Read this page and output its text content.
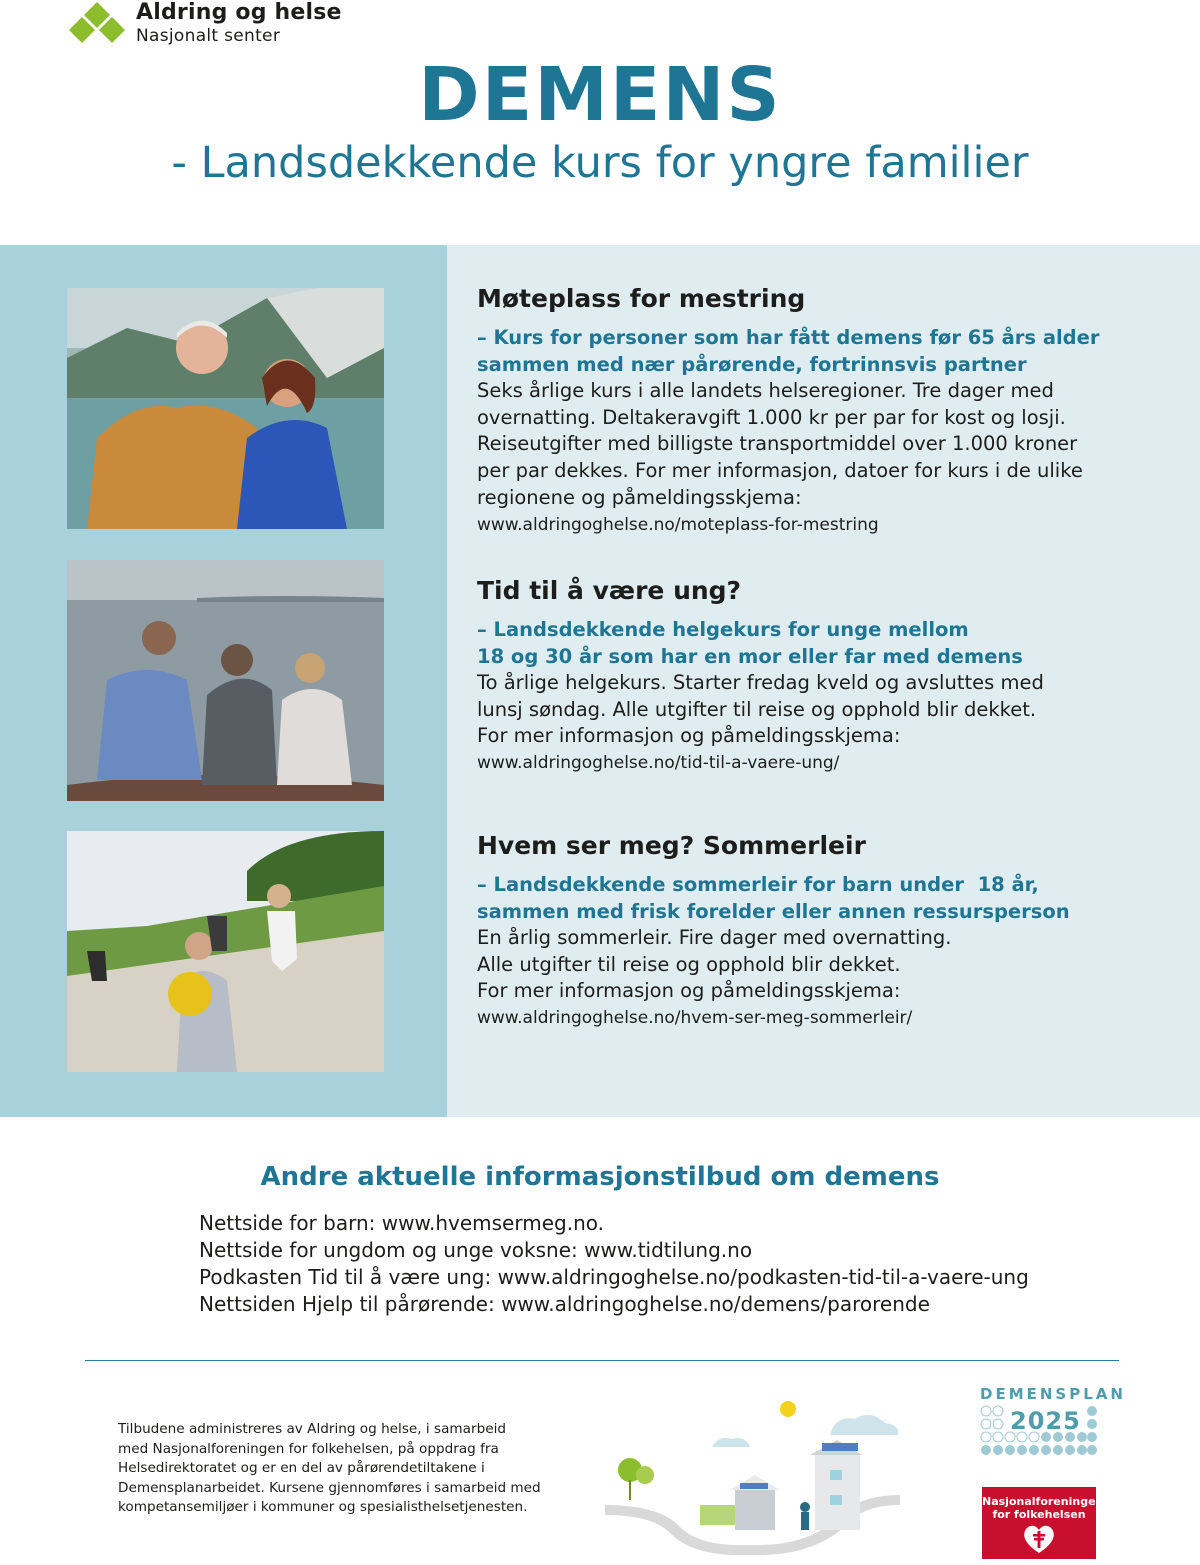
Aldring og helse
Nasjonalt senter
DEMENS
- Landsdekkende kurs for yngre familier
Møteplass for mestring
– Kurs for personer som har fått demens før 65 års alder
sammen med nær pårørende, fortrinnsvis partner
Seks årlige kurs i alle landets helseregioner. Tre dager med
overnatting. Deltakeravgift 1.000 kr per par for kost og losji.
Reiseutgifter med billigste transportmiddel over 1.000 kroner
per par dekkes. For mer informasjon, datoer for kurs i de ulike
regionene og påmeldingsskjema:
www.aldringoghelse.no/moteplass-for-mestring
Tid til å være ung?
– Landsdekkende helgekurs for unge mellom
18 og 30 år som har en mor eller far med demens
To årlige helgekurs. Starter fredag kveld og avsluttes med
lunsj søndag. Alle utgifter til reise og opphold blir dekket.
For mer informasjon og påmeldingsskjema:
www.aldringoghelse.no/tid-til-a-vaere-ung/
Hvem ser meg? Sommerleir
– Landsdekkende sommerleir for barn under  18 år,
sammen med frisk forelder eller annen ressursperson
En årlig sommerleir. Fire dager med overnatting.
Alle utgifter til reise og opphold blir dekket.
For mer informasjon og påmeldingsskjema:
www.aldringoghelse.no/hvem-ser-meg-sommerleir/
Andre aktuelle informasjonstilbud om demens
Nettside for barn: www.hvemsermeg.no.
Nettside for ungdom og unge voksne: www.tidtilung.no
Podkasten Tid til å være ung: www.aldringoghelse.no/podkasten-tid-til-a-vaere-ung
Nettsiden Hjelp til pårørende: www.aldringoghelse.no/demens/parorende
Tilbudene administreres av Aldring og helse, i samarbeid
med Nasjonalforeningen for folkehelsen, på oppdrag fra
Helsedirektoratet og er en del av pårørendetiltakene i
Demensplanarbeidet. Kursene gjennomføres i samarbeid med
kompetansemiljøer i kommuner og spesialisthelsetjenesten.
DEMENSPLAN
2025
Nasjonalforeningen
for folkehelsen
